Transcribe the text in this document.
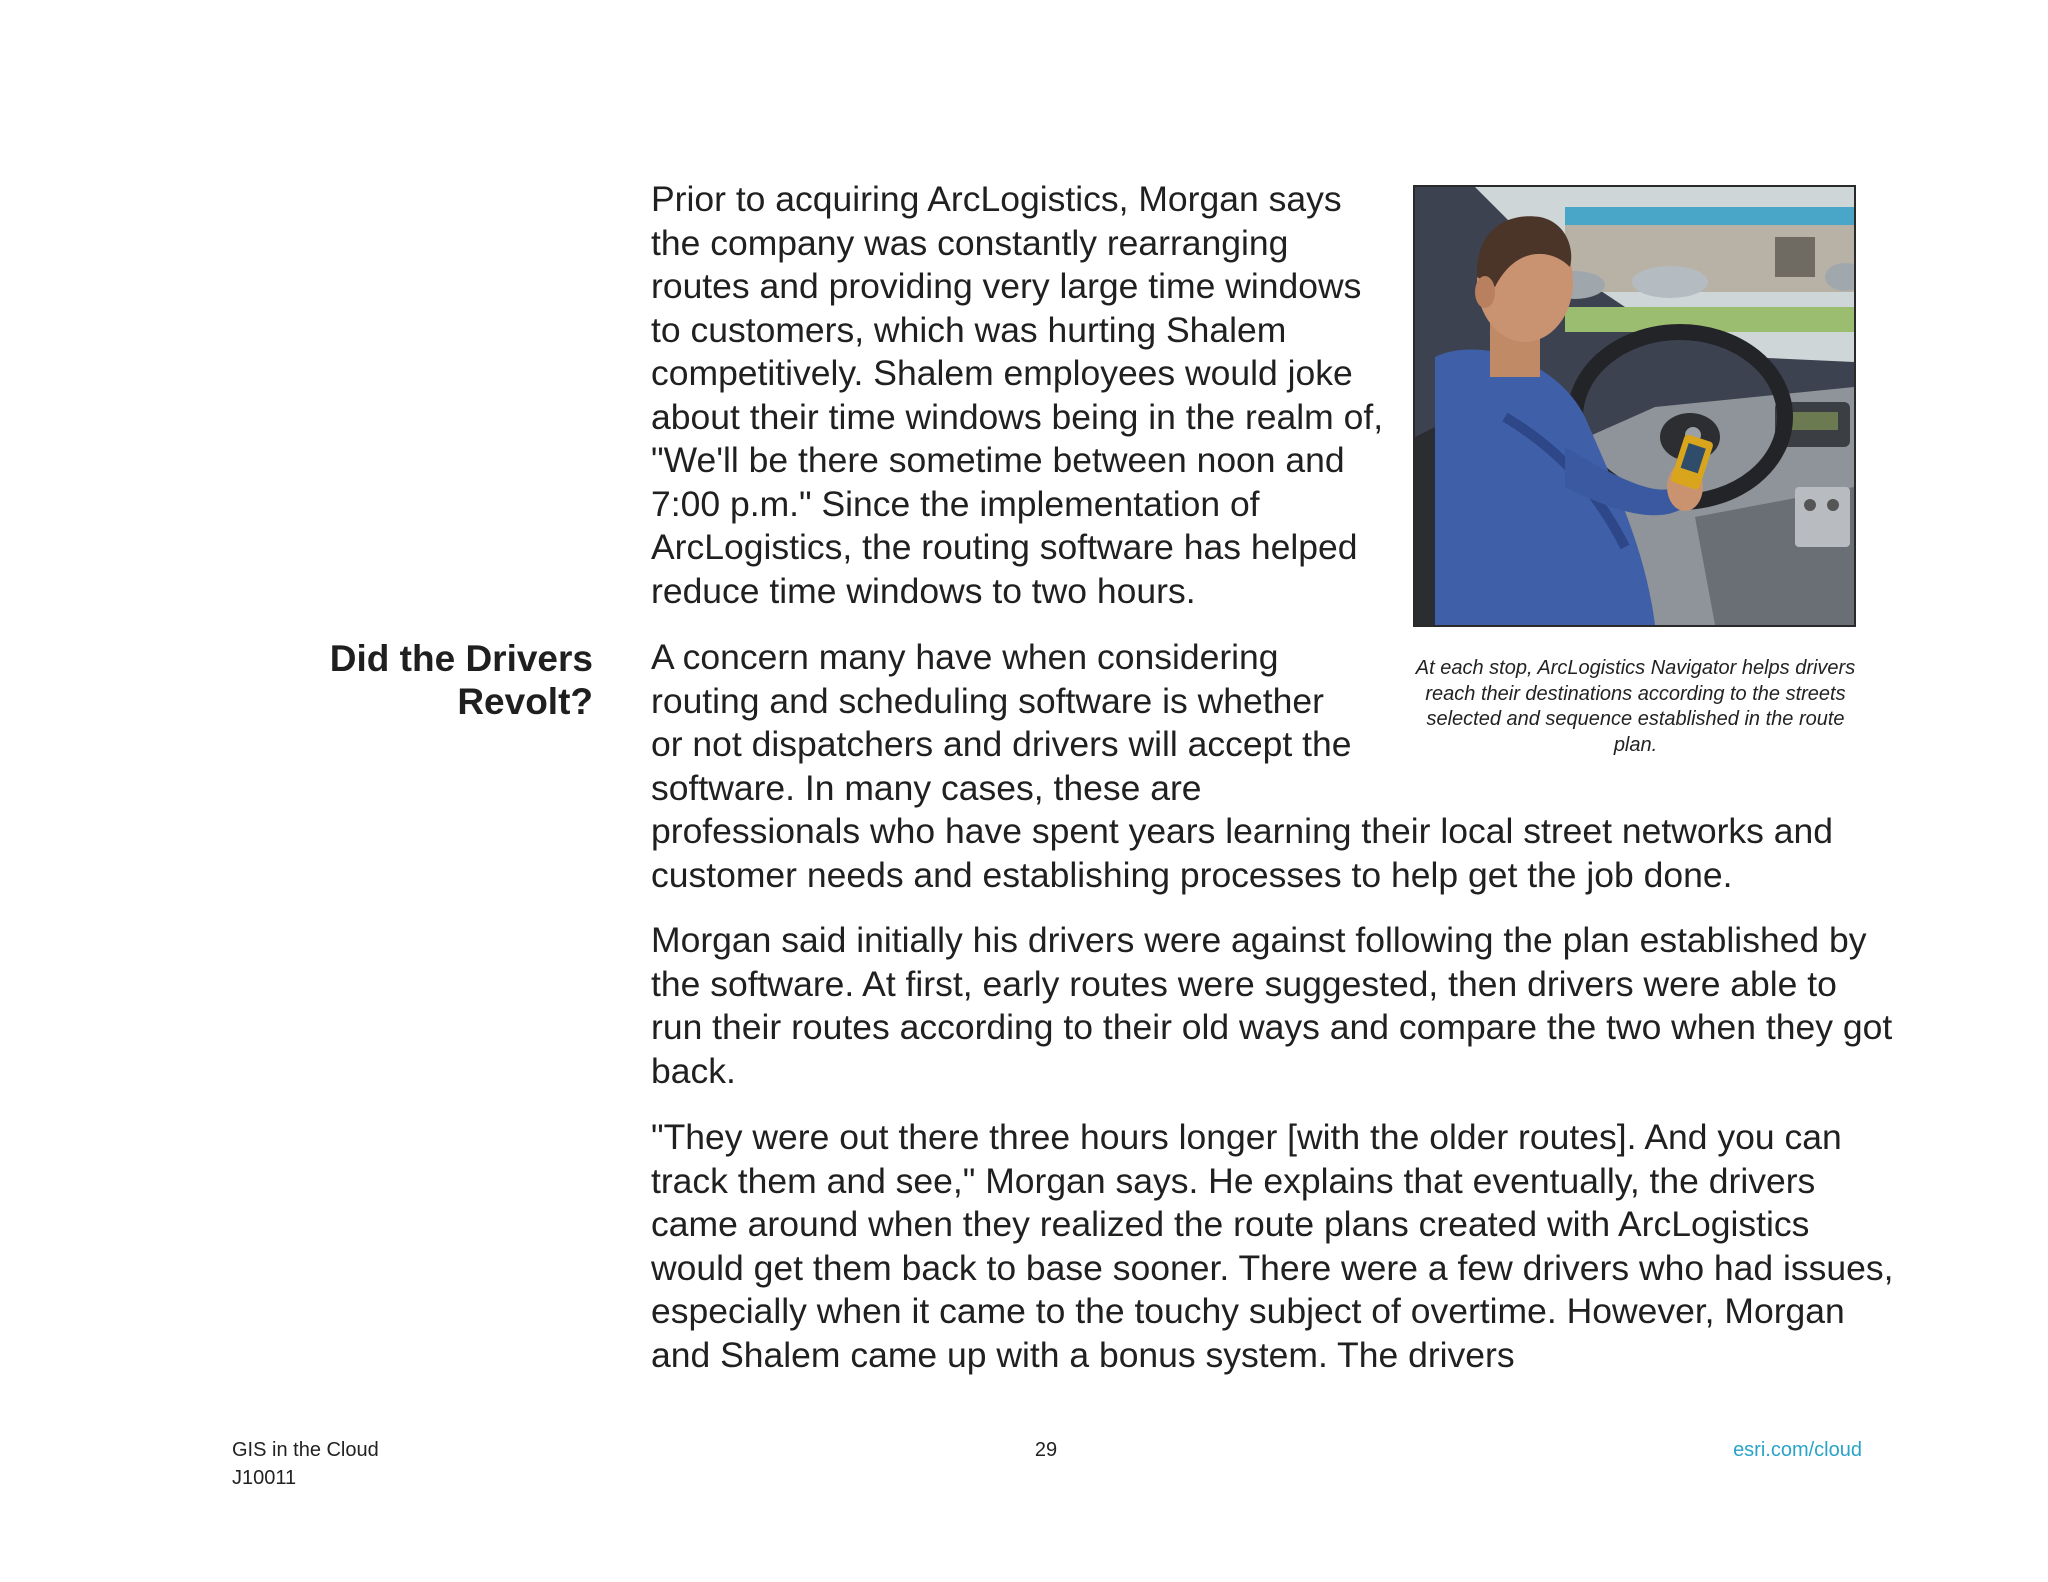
Prior to acquiring ArcLogistics, Morgan says the company was constantly rearranging routes and providing very large time windows to customers, which was hurting Shalem competitively. Shalem employees would joke about their time windows being in the realm of, "We'll be there sometime between noon and 7:00 p.m." Since the implementation of ArcLogistics, the routing software has helped reduce time windows to two hours.

Did the Drivers
Revolt?

At each stop, ArcLogistics Navigator helps drivers reach their destinations according to the streets selected and sequence established in the route plan.

A concern many have when considering routing and scheduling software is whether or not dispatchers and drivers will accept the software. In many cases, these are professionals who have spent years learning their local street networks and customer needs and establishing processes to help get the job done.

Morgan said initially his drivers were against following the plan established by the software. At first, early routes were suggested, then drivers were able to run their routes according to their old ways and compare the two when they got back.

"They were out there three hours longer [with the older routes]. And you can track them and see," Morgan says. He explains that eventually, the drivers came around when they realized the route plans created with ArcLogistics would get them back to base sooner. There were a few drivers who had issues, especially when it came to the touchy subject of overtime. However, Morgan and Shalem came up with a bonus system. The drivers

GIS in the Cloud
J10011
29	esri.com/cloud
